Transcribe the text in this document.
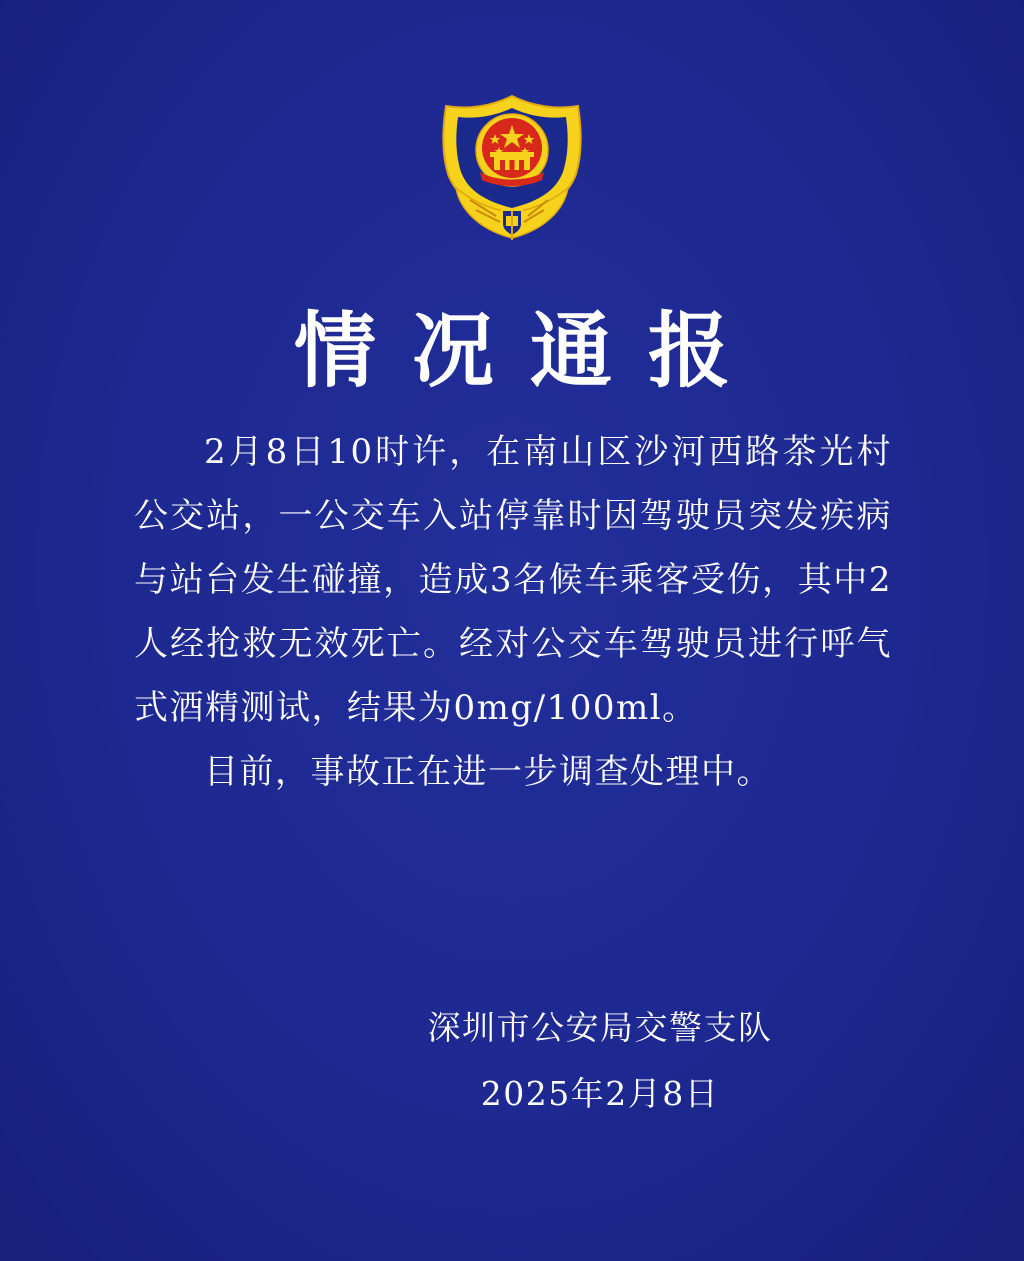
情况通报

2月8日10时许，在南山区沙河西路茶光村公交站，一公交车入站停靠时因驾驶员突发疾病与站台发生碰撞，造成3名候车乘客受伤，其中2人经抢救无效死亡。经对公交车驾驶员进行呼气式酒精测试，结果为0mg/100ml。

目前，事故正在进一步调查处理中。

深圳市公安局交警支队
2025年2月8日
